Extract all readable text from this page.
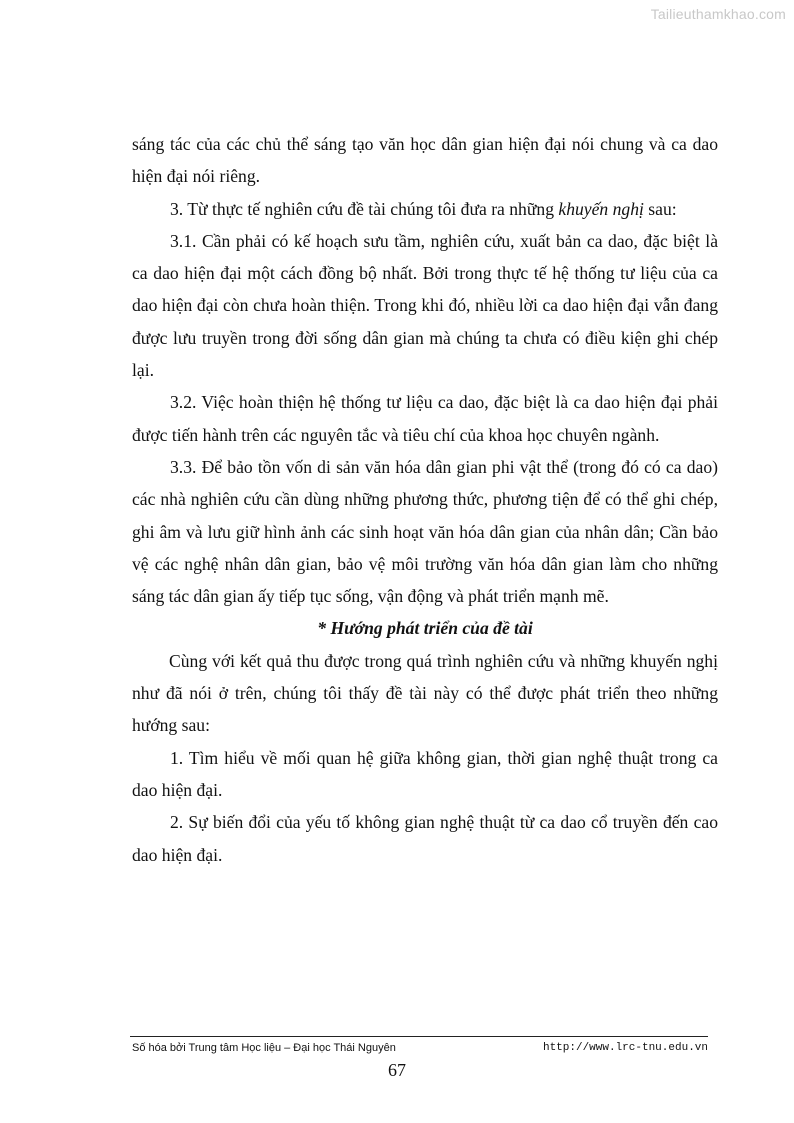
Tailieuthamkhao.com

sáng tác của các chủ thể sáng tạo văn học dân gian hiện đại nói chung và ca dao hiện đại nói riêng.

3. Từ thực tế nghiên cứu đề tài chúng tôi đưa ra những khuyến nghị sau:

3.1. Cần phải có kế hoạch sưu tầm, nghiên cứu, xuất bản ca dao, đặc biệt là ca dao hiện đại một cách đồng bộ nhất. Bởi trong thực tế hệ thống tư liệu của ca dao hiện đại còn chưa hoàn thiện. Trong khi đó, nhiều lời ca dao hiện đại vẫn đang được lưu truyền trong đời sống dân gian mà chúng ta chưa có điều kiện ghi chép lại.

3.2. Việc hoàn thiện hệ thống tư liệu ca dao, đặc biệt là ca dao hiện đại phải được tiến hành trên các nguyên tắc và tiêu chí của khoa học chuyên ngành.

3.3. Để bảo tồn vốn di sản văn hóa dân gian phi vật thể (trong đó có ca dao) các nhà nghiên cứu cần dùng những phương thức, phương tiện để có thể ghi chép, ghi âm và lưu giữ hình ảnh các sinh hoạt văn hóa dân gian của nhân dân; Cần bảo vệ các nghệ nhân dân gian, bảo vệ môi trường văn hóa dân gian làm cho những sáng tác dân gian ấy tiếp tục sống, vận động và phát triển mạnh mẽ.

* Hướng phát triển của đề tài

Cùng với kết quả thu được trong quá trình nghiên cứu và những khuyến nghị như đã nói ở trên, chúng tôi thấy đề tài này có thể được phát triển theo những hướng sau:

1. Tìm hiểu về mối quan hệ giữa không gian, thời gian nghệ thuật trong ca dao hiện đại.

2. Sự biến đổi của yếu tố không gian nghệ thuật từ ca dao cổ truyền đến cao dao hiện đại.

Số hóa bởi Trung tâm Học liệu – Đại học Thái Nguyên	http://www.lrc-tnu.edu.vn
67
